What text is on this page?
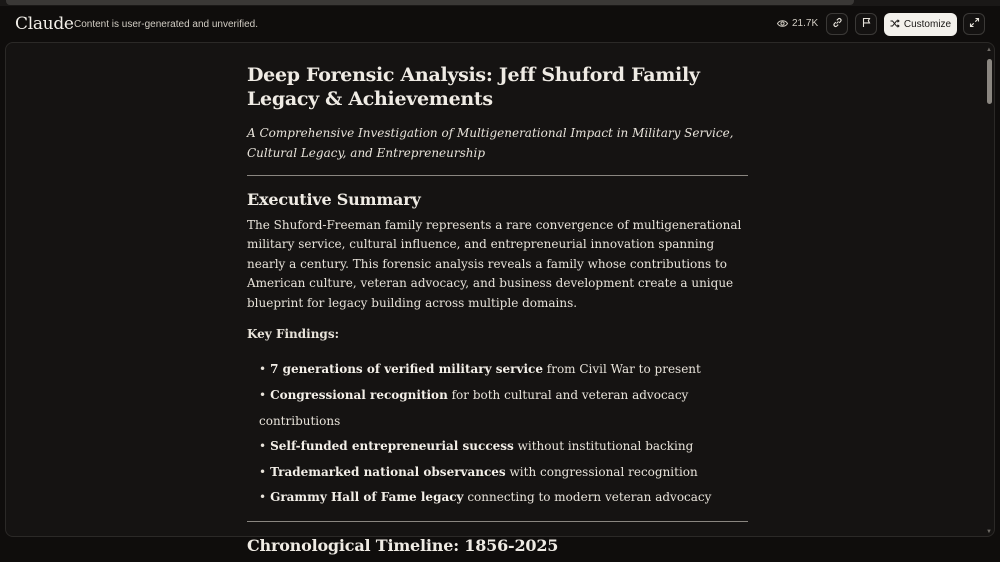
Claude Content is user-generated and unverified.	21.7K	Customize
Deep Forensic Analysis: Jeff Shuford Family Legacy & Achievements
A Comprehensive Investigation of Multigenerational Impact in Military Service, Cultural Legacy, and Entrepreneurship
Executive Summary

The Shuford-Freeman family represents a rare convergence of multigenerational military service, cultural influence, and entrepreneurial innovation spanning nearly a century. This forensic analysis reveals a family whose contributions to American culture, veteran advocacy, and business development create a unique blueprint for legacy building across multiple domains.

Key Findings:

• 7 generations of verified military service from Civil War to present
• Congressional recognition for both cultural and veteran advocacy contributions
• Self-funded entrepreneurial success without institutional backing
• Trademarked national observances with congressional recognition
• Grammy Hall of Fame legacy connecting to modern veteran advocacy
Chronological Timeline: 1856-2025
▲
▼
